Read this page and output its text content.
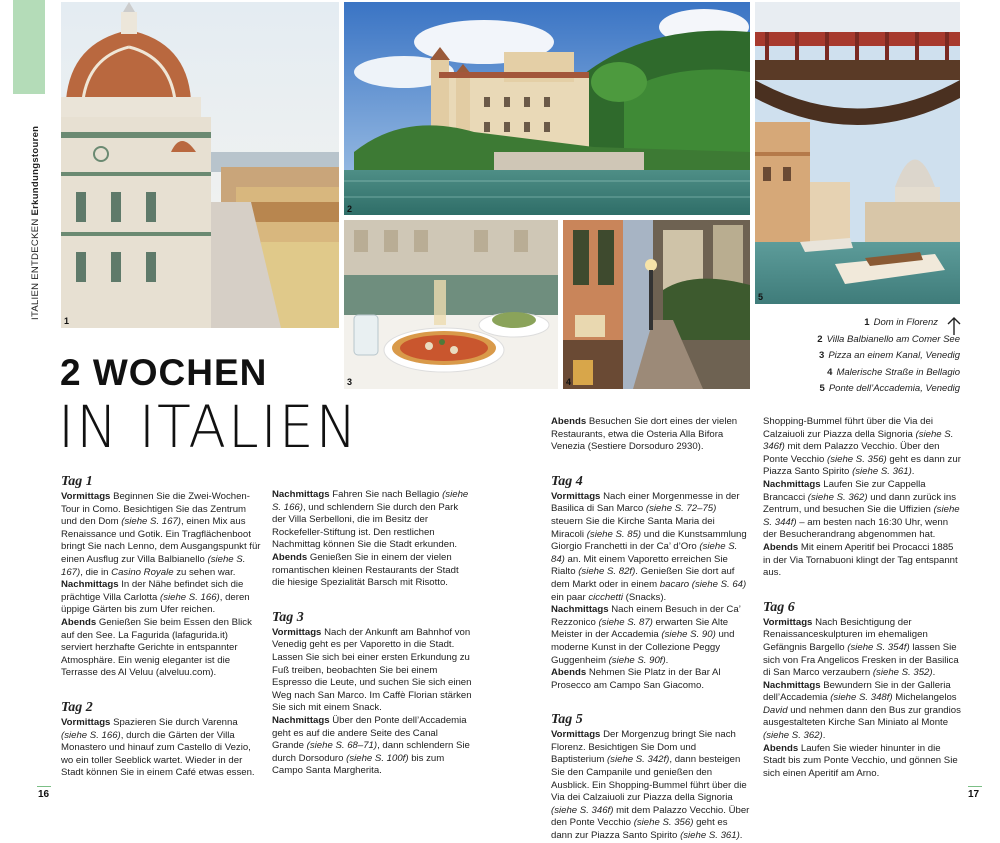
ITALIEN ENTDECKEN Erkundungstouren
1
2
3	4
5
1 Dom in Florenz
2 Villa Balbianello am Comer See
3 Pizza an einem Kanal, Venedig
4 Malerische Straße in Bellagio
5 Ponte dell’Accademia, Venedig
2 WOCHEN
IN ITALIEN
Tag 1

Vormittags Beginnen Sie die Zwei-Wochen-Tour in Como. Besichtigen Sie das Zentrum und den Dom (siehe S. 167), einen Mix aus Renaissance und Gotik. Ein Tragflächenboot bringt Sie nach Lenno, dem Ausgangspunkt für einen Ausflug zur Villa Balbianello (siehe S. 167), die in Casino Royale zu sehen war.

Nachmittags In der Nähe befindet sich die prächtige Villa Carlotta (siehe S. 166), deren üppige Gärten bis zum Ufer reichen.

Abends Genießen Sie beim Essen den Blick auf den See. La Fagurida (lafagurida.it) serviert herzhafte Gerichte in entspannter Atmosphäre. Ein wenig eleganter ist die Terrasse des Al Veluu (alveluu.com).

Tag 2

Vormittags Spazieren Sie durch Varenna (siehe S. 166), durch die Gärten der Villa Monastero und hinauf zum Castello di Vezio, wo ein toller Seeblick wartet. Wieder in der Stadt können Sie in einem Café etwas essen.

Nachmittags Fahren Sie nach Bellagio (siehe S. 166), und schlendern Sie durch den Park der Villa Serbelloni, die im Besitz der Rockefeller-Stiftung ist. Den restlichen Nachmittag können Sie die Stadt erkunden.

Abends Genießen Sie in einem der vielen romantischen kleinen Restaurants der Stadt die hiesige Spezialität Barsch mit Risotto.

Tag 3

Vormittags Nach der Ankunft am Bahnhof von Venedig geht es per Vaporetto in die Stadt. Lassen Sie sich bei einer ersten Erkundung zu Fuß treiben, beobachten Sie bei einem Espresso die Leute, und suchen Sie sich einen Weg nach San Marco. Im Caffè Florian stärken Sie sich mit einem Snack.

Nachmittags Über den Ponte dell’Accademia geht es auf die andere Seite des Canal Grande (siehe S. 68–71), dann schlendern Sie durch Dorsoduro (siehe S. 100f) bis zum Campo Santa Margherita.

Abends Besuchen Sie dort eines der vielen Restaurants, etwa die Osteria Alla Bifora Venezia (Sestiere Dorsoduro 2930).

Tag 4

Vormittags Nach einer Morgenmesse in der Basilica di San Marco (siehe S. 72–75) steuern Sie die Kirche Santa Maria dei Miracoli (siehe S. 85) und die Kunstsammlung Giorgio Franchetti in der Ca’ d’Oro (siehe S. 84) an. Mit einem Vaporetto erreichen Sie Rialto (siehe S. 82f). Genießen Sie dort auf dem Markt oder in einem bacaro (siehe S. 64) ein paar cicchetti (Snacks).

Nachmittags Nach einem Besuch in der Ca’ Rezzonico (siehe S. 87) erwarten Sie Alte Meister in der Accademia (siehe S. 90) und moderne Kunst in der Collezione Peggy Guggenheim (siehe S. 90f).

Abends Nehmen Sie Platz in der Bar Al Prosecco am Campo San Giacomo.

Tag 5

Vormittags Der Morgenzug bringt Sie nach Florenz. Besichtigen Sie Dom und Baptisterium (siehe S. 342f), dann besteigen Sie den Campanile und genießen den Ausblick. Ein Shopping-Bummel führt über die Via dei Calzaiuoli zur Piazza della Signoria (siehe S. 346f) mit dem Palazzo Vecchio. Über den Ponte Vecchio (siehe S. 356) geht es dann zur Piazza Santo Spirito (siehe S. 361).

Shopping-Bummel führt über die Via dei Calzaiuoli zur Piazza della Signoria (siehe S. 346f) mit dem Palazzo Vecchio. Über den Ponte Vecchio (siehe S. 356) geht es dann zur Piazza Santo Spirito (siehe S. 361).

Nachmittags Laufen Sie zur Cappella Brancacci (siehe S. 362) und dann zurück ins Zentrum, und besuchen Sie die Uffizien (siehe S. 344f) – am besten nach 16:30 Uhr, wenn der Besucherandrang abgenommen hat.

Abends Mit einem Aperitif bei Procacci 1885 in der Via Tornabuoni klingt der Tag entspannt aus.

Tag 6

Vormittags Nach Besichtigung der Renaissanceskulpturen im ehemaligen Gefängnis Bargello (siehe S. 354f) lassen Sie sich von Fra Angelicos Fresken in der Basilica di San Marco verzaubern (siehe S. 352).

Nachmittags Bewundern Sie in der Galleria dell’Accademia (siehe S. 348f) Michelangelos David und nehmen dann den Bus zur grandios ausgestalteten Kirche San Miniato al Monte (siehe S. 362).

Abends Laufen Sie wieder hinunter in die Stadt bis zum Ponte Vecchio, und gönnen Sie sich einen Aperitif am Arno.

16	17
